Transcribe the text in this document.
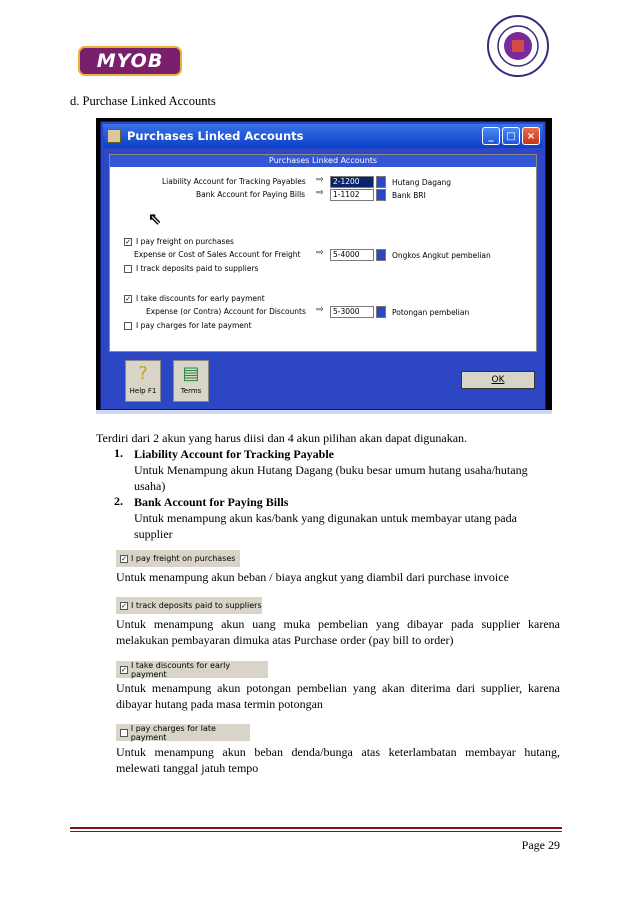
MYOB
d. Purchase Linked Accounts
Purchases Linked Accounts	_	□	×
Purchases Linked Accounts
Liability Account for Tracking Payables ⇨	2-1200	Hutang Dagang
Bank Account for Paying Bills ⇨	1-1102	Bank BRI
⇖
✓ I pay freight on purchases
Expense or Cost of Sales Account for Freight ⇨	5-4000	Ongkos Angkut pembelian
I track deposits paid to suppliers
✓ I take discounts for early payment
Expense (or Contra) Account for Discounts ⇨	5-3000	Potongan pembelian
I pay charges for late payment
?
Help F1
▤
Terms
OK
Terdiri dari 2 akun yang harus diisi dan 4 akun pilihan akan dapat digunakan.
1. Liability Account for Tracking Payable
Untuk Menampung akun Hutang Dagang (buku besar umum hutang usaha/hutang usaha)
2. Bank Account for Paying Bills
Untuk menampung akun kas/bank yang digunakan untuk membayar utang pada supplier
✓ I pay freight on purchases
Untuk menampung akun beban / biaya angkut yang diambil dari purchase invoice
✓ I track deposits paid to suppliers
Untuk menampung akun uang muka pembelian yang dibayar pada supplier karena melakukan pembayaran dimuka atas Purchase order (pay bill to order)
✓ I take discounts for early payment
Untuk menampung akun potongan pembelian yang akan diterima dari supplier, karena dibayar hutang pada masa termin potongan
I pay charges for late payment
Untuk menampung akun beban denda/bunga atas keterlambatan membayar hutang, melewati tanggal jatuh tempo
Page 29
